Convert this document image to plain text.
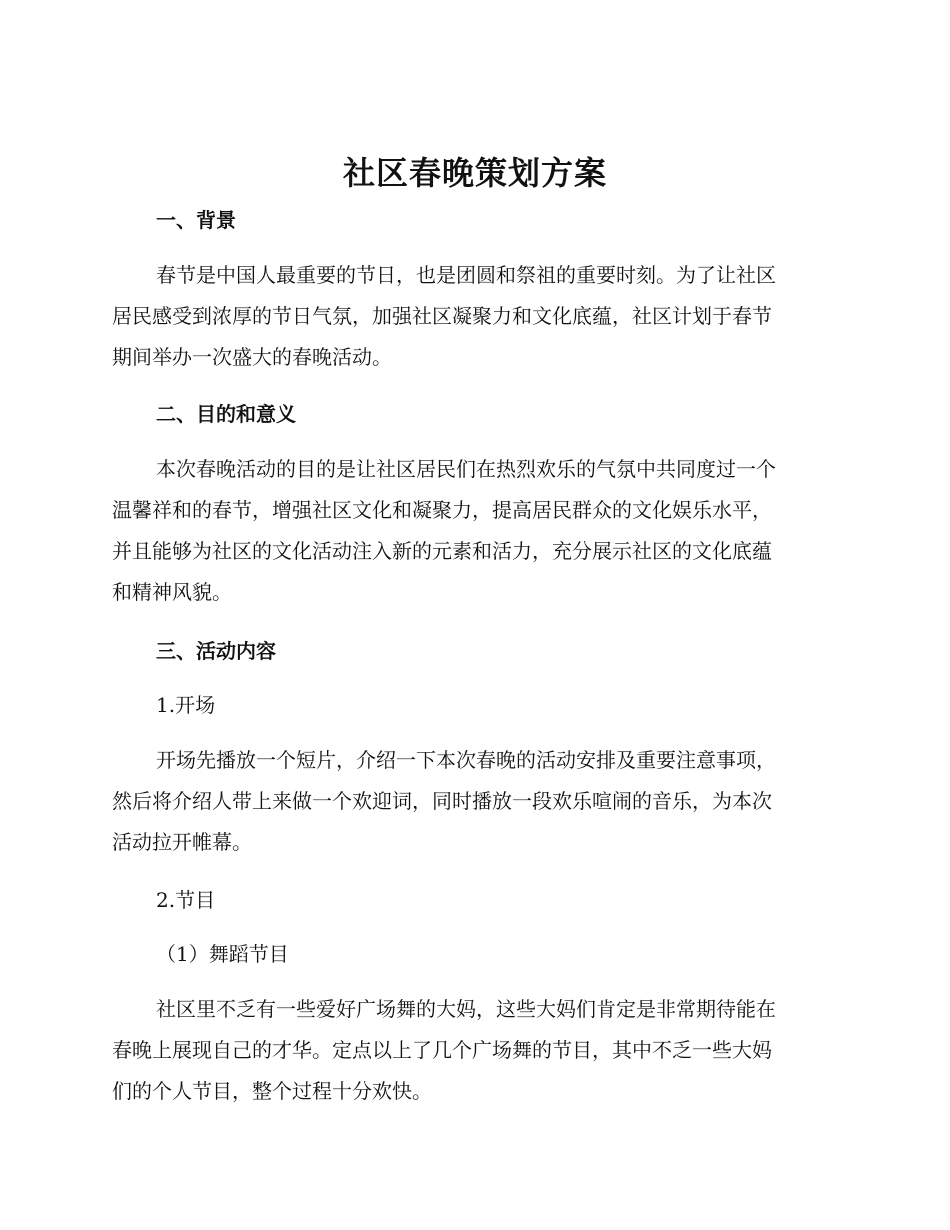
社区春晚策划方案
一、背景
春节是中国人最重要的节日，也是团圆和祭祖的重要时刻。为了让社区
居民感受到浓厚的节日气氛，加强社区凝聚力和文化底蕴，社区计划于春节
期间举办一次盛大的春晚活动。
二、目的和意义
本次春晚活动的目的是让社区居民们在热烈欢乐的气氛中共同度过一个
温馨祥和的春节，增强社区文化和凝聚力，提高居民群众的文化娱乐水平，
并且能够为社区的文化活动注入新的元素和活力，充分展示社区的文化底蕴
和精神风貌。
三、活动内容
1.开场
开场先播放一个短片，介绍一下本次春晚的活动安排及重要注意事项，
然后将介绍人带上来做一个欢迎词，同时播放一段欢乐喧闹的音乐，为本次
活动拉开帷幕。
2.节目
（1）舞蹈节目
社区里不乏有一些爱好广场舞的大妈，这些大妈们肯定是非常期待能在
春晚上展现自己的才华。定点以上了几个广场舞的节目，其中不乏一些大妈
们的个人节目，整个过程十分欢快。
